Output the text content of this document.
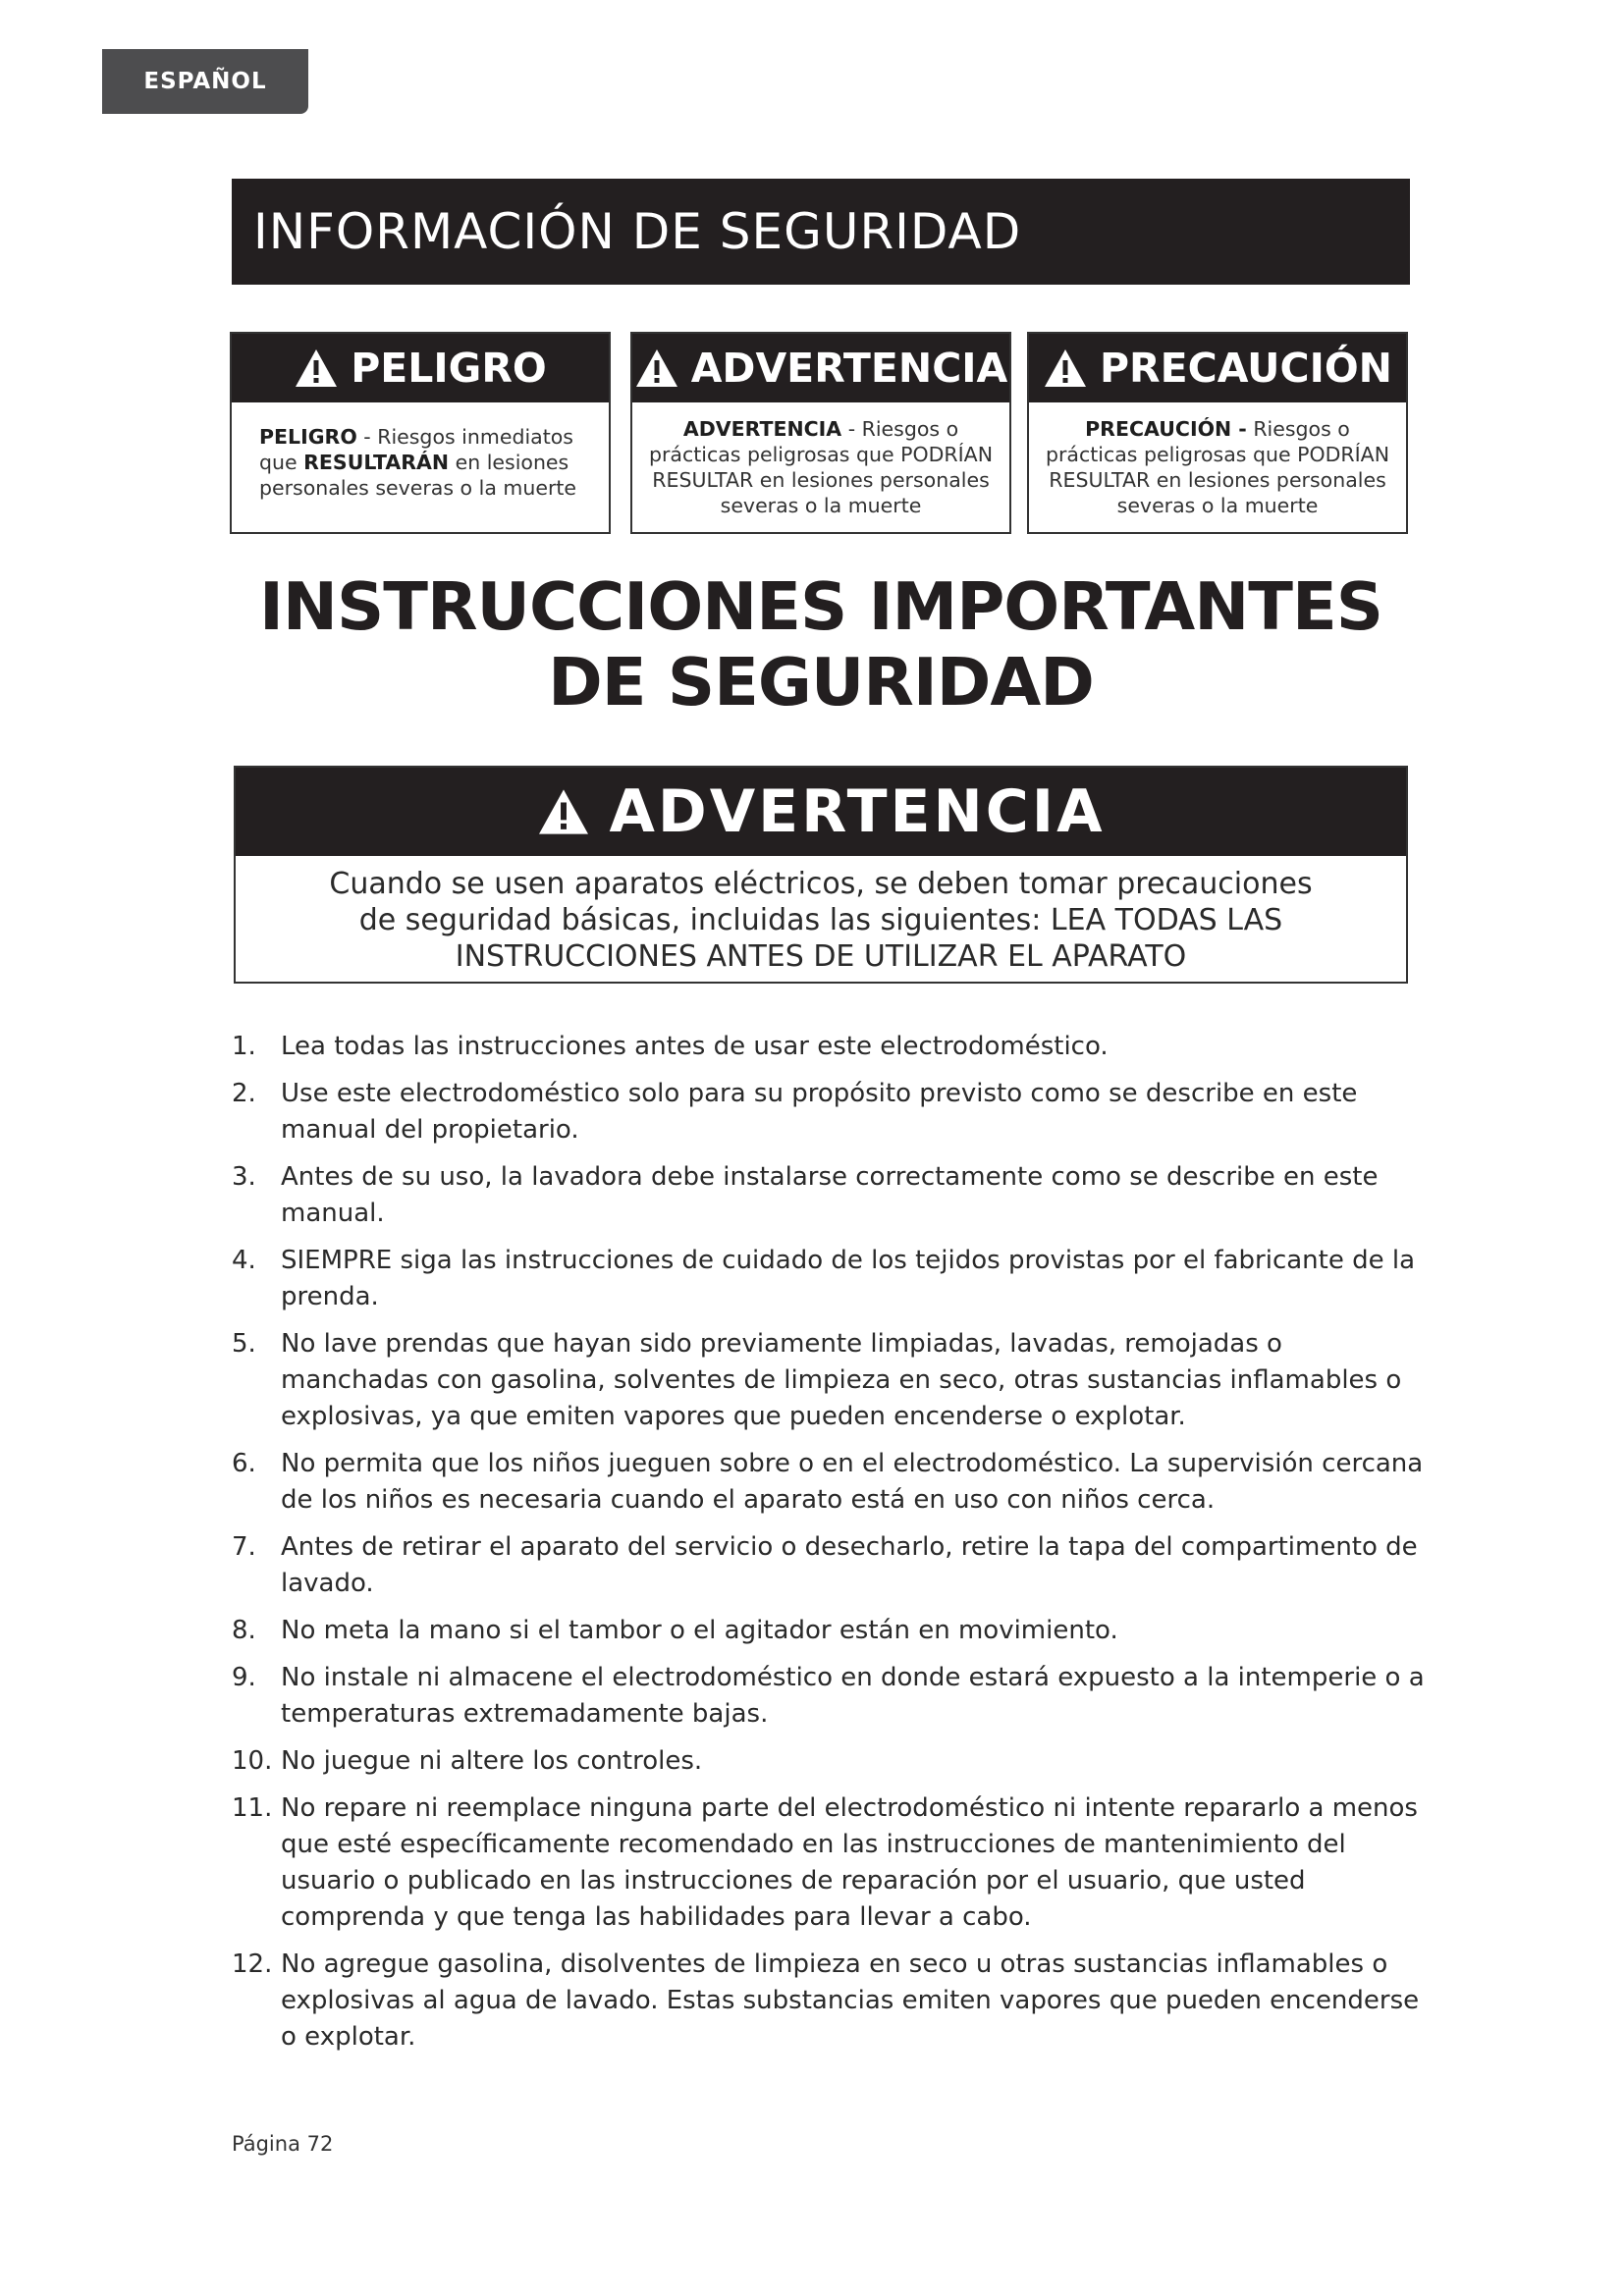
ESPAÑOL
INFORMACIÓN DE SEGURIDAD
PELIGRO
PELIGRO - Riesgos inmediatos
que RESULTARÁN en lesiones
personales severas o la muerte
ADVERTENCIA
ADVERTENCIA - Riesgos o
prácticas peligrosas que PODRÍAN
RESULTAR en lesiones personales
severas o la muerte
PRECAUCIÓN
PRECAUCIÓN - Riesgos o
prácticas peligrosas que PODRÍAN
RESULTAR en lesiones personales
severas o la muerte
INSTRUCCIONES IMPORTANTES
DE SEGURIDAD
ADVERTENCIA
Cuando se usen aparatos eléctricos, se deben tomar precauciones
de seguridad básicas, incluidas las siguientes: LEA TODAS LAS
INSTRUCCIONES ANTES DE UTILIZAR EL APARATO
1. Lea todas las instrucciones antes de usar este electrodoméstico.
2. Use este electrodoméstico solo para su propósito previsto como se describe en este manual del propietario.
3. Antes de su uso, la lavadora debe instalarse correctamente como se describe en este manual.
4. SIEMPRE siga las instrucciones de cuidado de los tejidos provistas por el fabricante de la prenda.
5. No lave prendas que hayan sido previamente limpiadas, lavadas, remojadas o manchadas con gasolina, solventes de limpieza en seco, otras sustancias inflamables o explosivas, ya que emiten vapores que pueden encenderse o explotar.
6. No permita que los niños jueguen sobre o en el electrodoméstico. La supervisión cercana de los niños es necesaria cuando el aparato está en uso con niños cerca.
7. Antes de retirar el aparato del servicio o desecharlo, retire la tapa del compartimento de lavado.
8. No meta la mano si el tambor o el agitador están en movimiento.
9. No instale ni almacene el electrodoméstico en donde estará expuesto a la intemperie o a temperaturas extremadamente bajas.
10. No juegue ni altere los controles.
11. No repare ni reemplace ninguna parte del electrodoméstico ni intente repararlo a menos que esté específicamente recomendado en las instrucciones de mantenimiento del usuario o publicado en las instrucciones de reparación por el usuario, que usted comprenda y que tenga las habilidades para llevar a cabo.
12. No agregue gasolina, disolventes de limpieza en seco u otras sustancias inflamables o explosivas al agua de lavado. Estas substancias emiten vapores que pueden encenderse o explotar.
Página 72
